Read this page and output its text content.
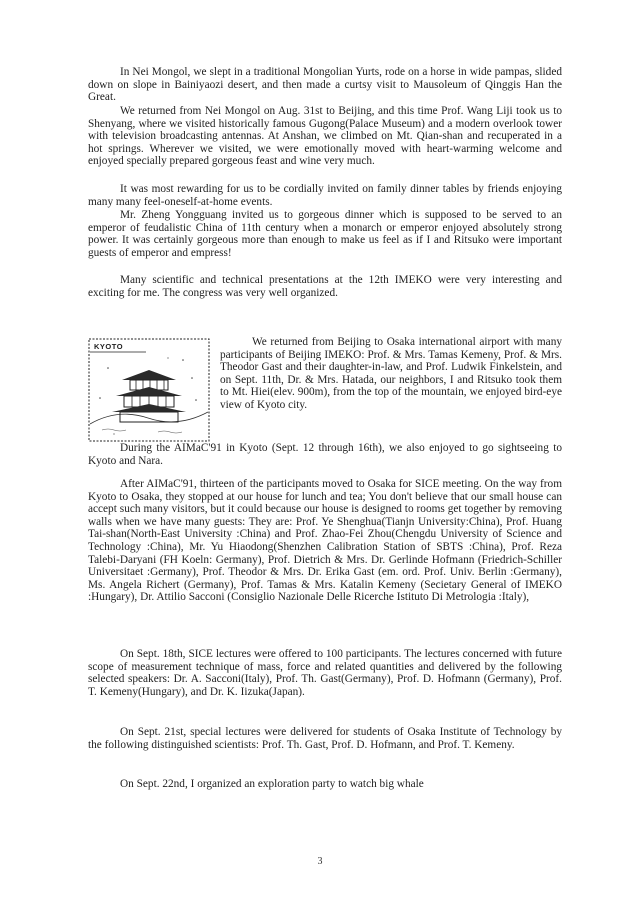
In Nei Mongol, we slept in a traditional Mongolian Yurts, rode on a horse in wide pampas, slided down on slope in Bainiyaozi desert, and then made a curtsy visit to Mausoleum of Qinggis Han the Great.

We returned from Nei Mongol on Aug. 31st to Beijing, and this time Prof. Wang Liji took us to Shenyang, where we visited historically famous Gugong(Palace Museum) and a modern overlook tower with television broadcasting antennas. At Anshan, we climbed on Mt. Qian-shan and recuperated in a hot springs. Wherever we visited, we were emotionally moved with heart-warming welcome and enjoyed specially prepared gorgeous feast and wine very much.

It was most rewarding for us to be cordially invited on family dinner tables by friends enjoying many many feel-oneself-at-home events.

Mr. Zheng Yongguang invited us to gorgeous dinner which is supposed to be served to an emperor of feudalistic China of 11th century when a monarch or emperor enjoyed absolutely strong power. It was certainly gorgeous more than enough to make us feel as if I and Ritsuko were important guests of emperor and empress!

Many scientific and technical presentations at the 12th IMEKO were very interesting and exciting for me. The congress was very well organized.

KYOTO	We returned from Beijing to Osaka international airport with many participants of Beijing IMEKO: Prof. & Mrs. Tamas Kemeny, Prof. & Mrs. Theodor Gast and their daughter-in-law, and Prof. Ludwik Finkelstein, and on Sept. 11th, Dr. & Mrs. Hatada, our neighbors, I and Ritsuko took them to Mt. Hiei(elev. 900m), from the top of the mountain, we enjoyed bird-eye view of Kyoto city.

During the AIMaC'91 in Kyoto (Sept. 12 through 16th), we also enjoyed to go sightseeing to Kyoto and Nara.

After AIMaC'91, thirteen of the participants moved to Osaka for SICE meeting. On the way from Kyoto to Osaka, they stopped at our house for lunch and tea; You don't believe that our small house can accept such many visitors, but it could because our house is designed to rooms get together by removing walls when we have many guests: They are: Prof. Ye Shenghua(Tianjn University:China), Prof. Huang Tai-shan(North-East University :China) and Prof. Zhao-Fei Zhou(Chengdu University of Science and Technology :China), Mr. Yu Hiaodong(Shenzhen Calibration Station of SBTS :China), Prof. Reza Talebi-Daryani (FH Koeln: Germany), Prof. Dietrich & Mrs. Dr. Gerlinde Hofmann (Friedrich-Schiller Universitaet :Germany), Prof. Theodor & Mrs. Dr. Erika Gast (em. ord. Prof. Univ. Berlin :Germany), Ms. Angela Richert (Germany), Prof. Tamas & Mrs. Katalin Kemeny (Secietary General of IMEKO :Hungary), Dr. Attilio Sacconi (Consiglio Nazionale Delle Ricerche Istituto Di Metrologia :Italy),

On Sept. 18th, SICE lectures were offered to 100 participants. The lectures concerned with future scope of measurement technique of mass, force and related quantities and delivered by the following selected speakers: Dr. A. Sacconi(Italy), Prof. Th. Gast(Germany), Prof. D. Hofmann (Germany), Prof. T. Kemeny(Hungary), and Dr. K. Iizuka(Japan).

On Sept. 21st, special lectures were delivered for students of Osaka Institute of Technology by the following distinguished scientists: Prof. Th. Gast, Prof. D. Hofmann, and Prof. T. Kemeny.

On Sept. 22nd, I organized an exploration party to watch big whale

3
